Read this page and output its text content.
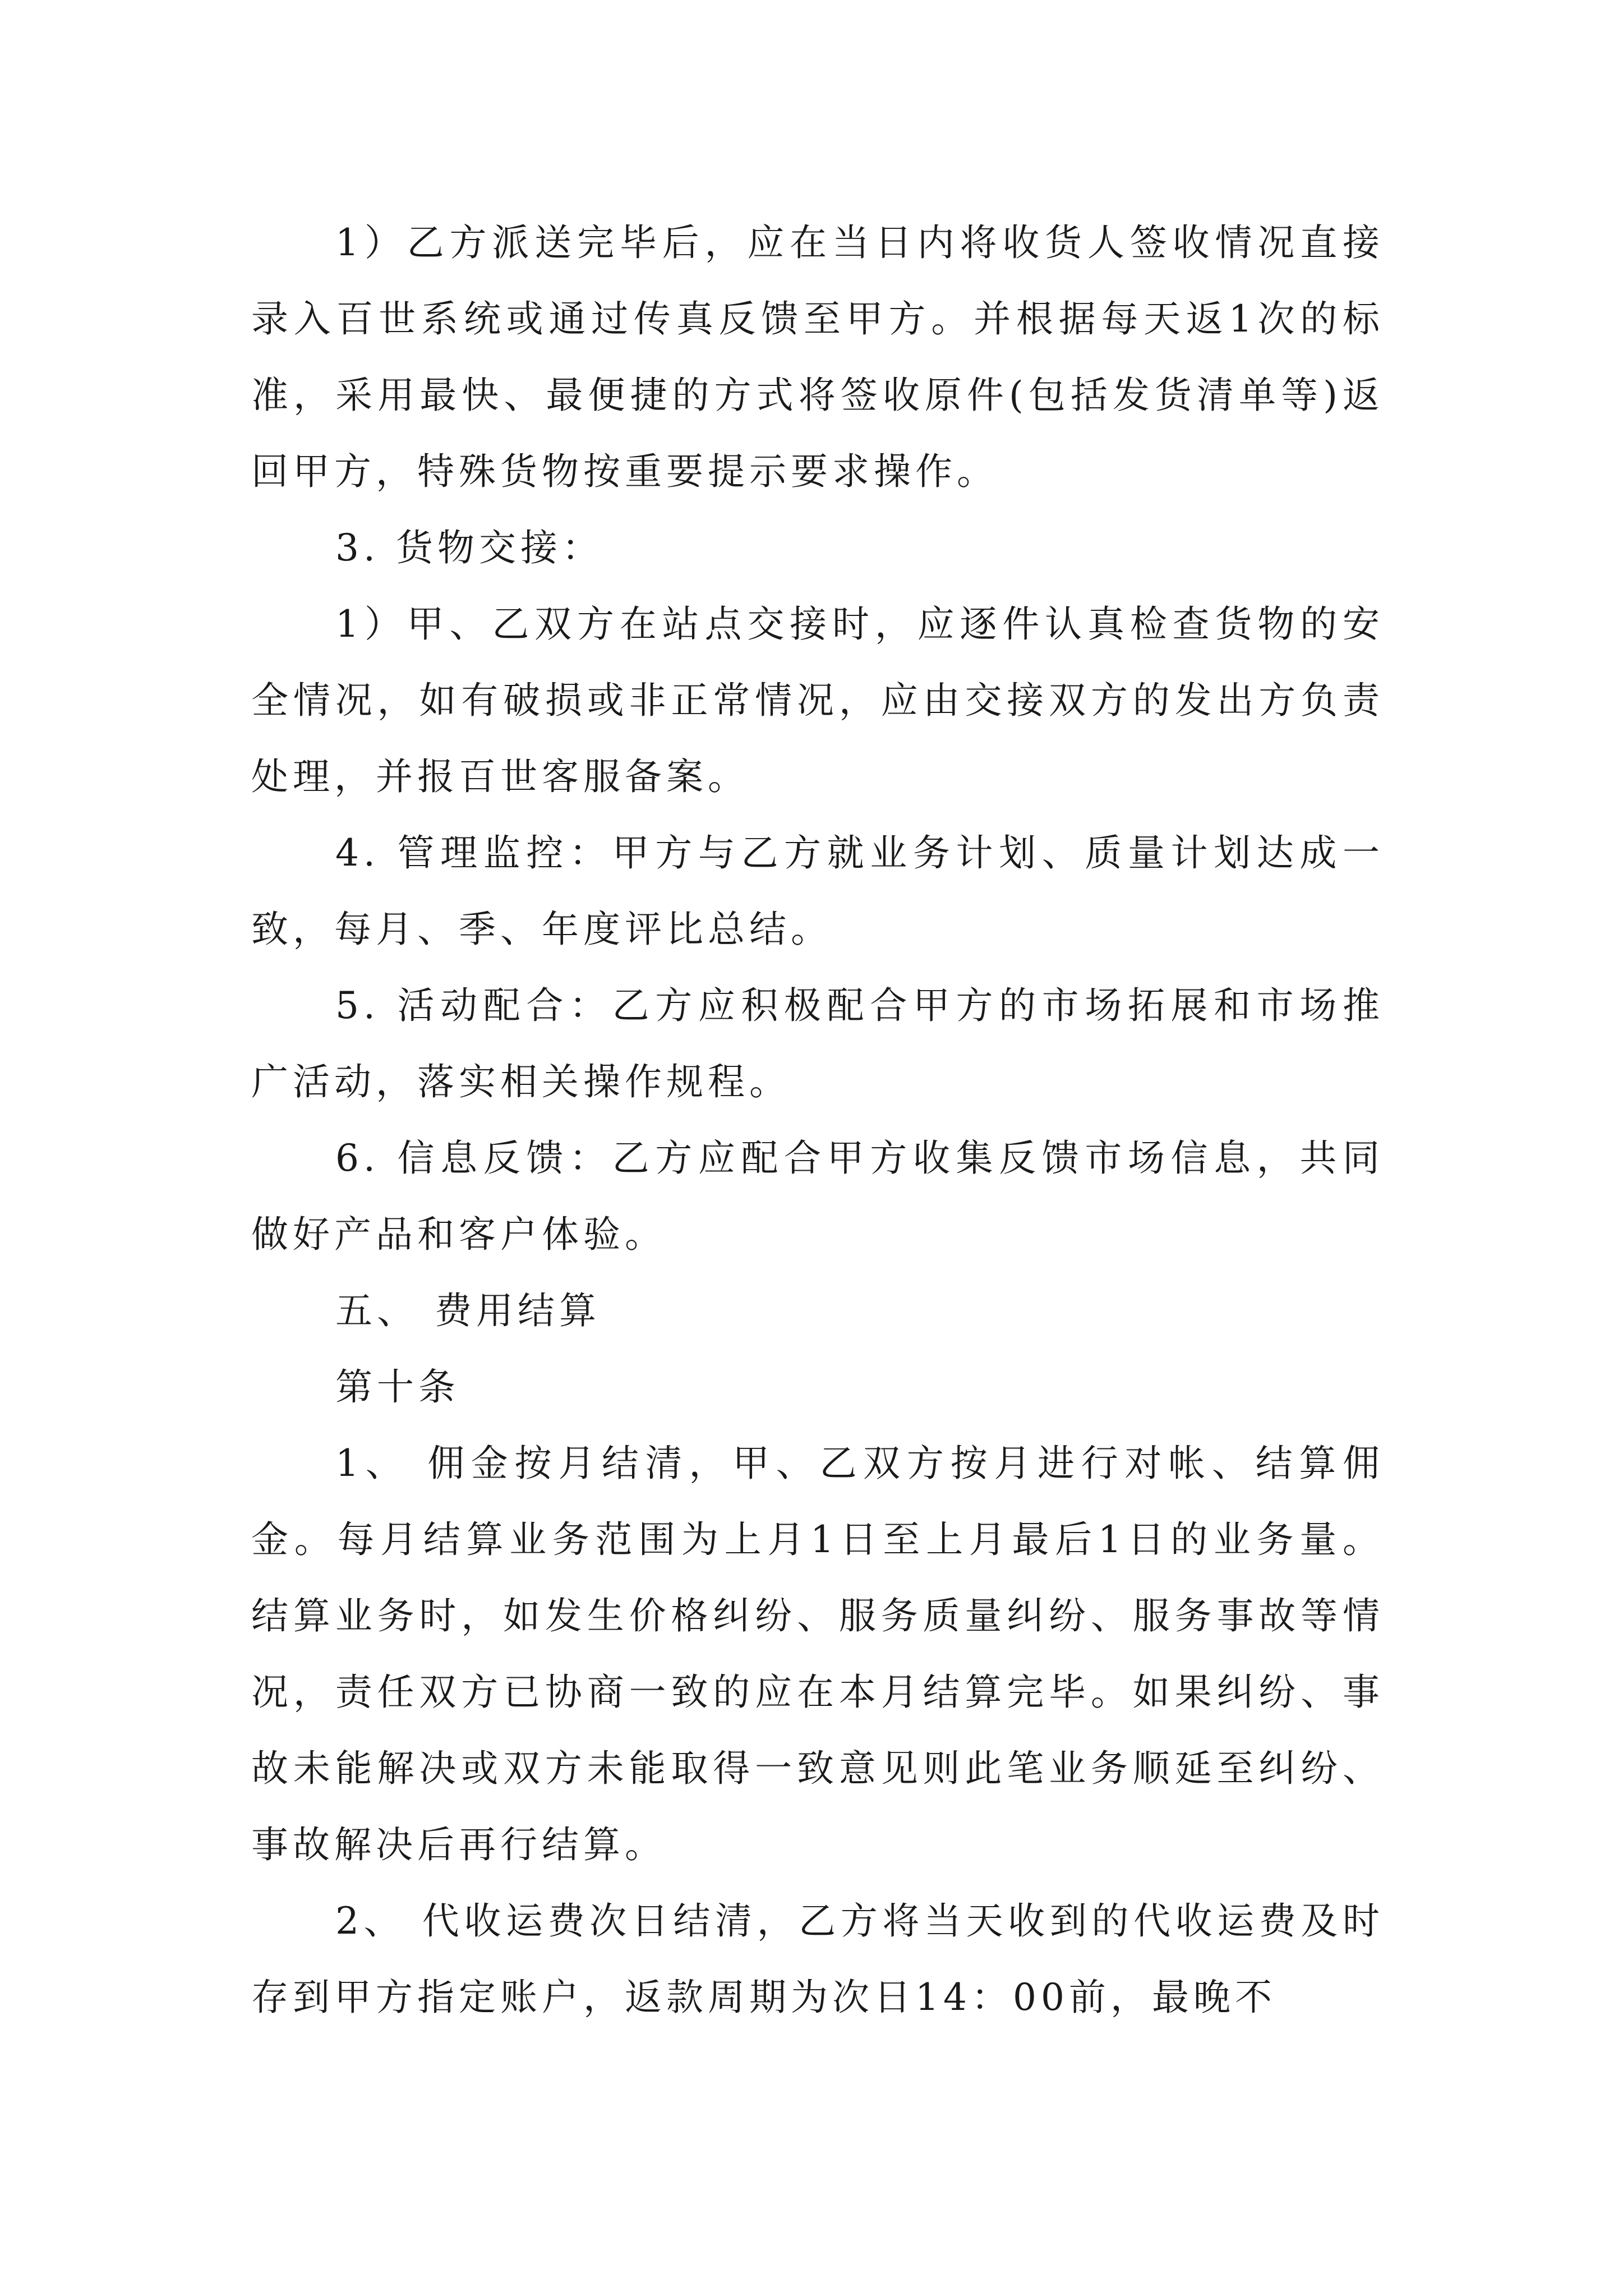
1）乙方派送完毕后，应在当日内将收货人签收情况直接录入百世系统或通过传真反馈至甲方。并根据每天返1次的标准，采用最快、最便捷的方式将签收原件(包括发货清单等)返回甲方，特殊货物按重要提示要求操作。

3. 货物交接：

1）甲、乙双方在站点交接时，应逐件认真检查货物的安全情况，如有破损或非正常情况，应由交接双方的发出方负责处理，并报百世客服备案。

4. 管理监控：甲方与乙方就业务计划、质量计划达成一致，每月、季、年度评比总结。

5. 活动配合：乙方应积极配合甲方的市场拓展和市场推广活动，落实相关操作规程。

6. 信息反馈：乙方应配合甲方收集反馈市场信息，共同做好产品和客户体验。

五、 费用结算

第十条

1、 佣金按月结清，甲、乙双方按月进行对帐、结算佣金。每月结算业务范围为上月1日至上月最后1日的业务量。结算业务时，如发生价格纠纷、服务质量纠纷、服务事故等情况，责任双方已协商一致的应在本月结算完毕。如果纠纷、事故未能解决或双方未能取得一致意见则此笔业务顺延至纠纷、事故解决后再行结算。

2、 代收运费次日结清，乙方将当天收到的代收运费及时存到甲方指定账户，返款周期为次日14：00前，最晚不
